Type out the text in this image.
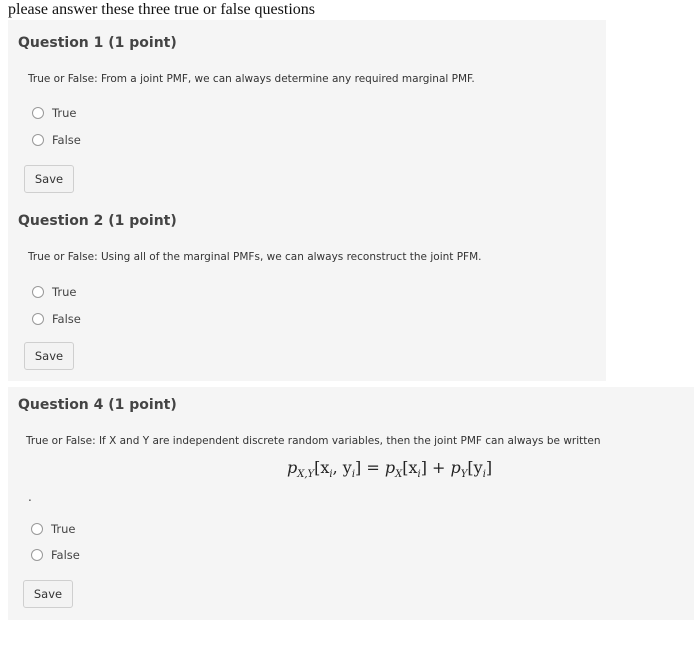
please answer these three true or false questions
Question 1 (1 point)
True or False: From a joint PMF, we can always determine any required marginal PMF.
True
False
Save
Question 2 (1 point)
True or False: Using all of the marginal PMFs, we can always reconstruct the joint PFM.
True
False
Save
Question 4 (1 point)
True or False: If X and Y are independent discrete random variables, then the joint PMF can always be written
True
False
Save
$p_{X,Y}[x_i$, $y_i] = p_X[x_i] + p_Y[y_i]$
.
